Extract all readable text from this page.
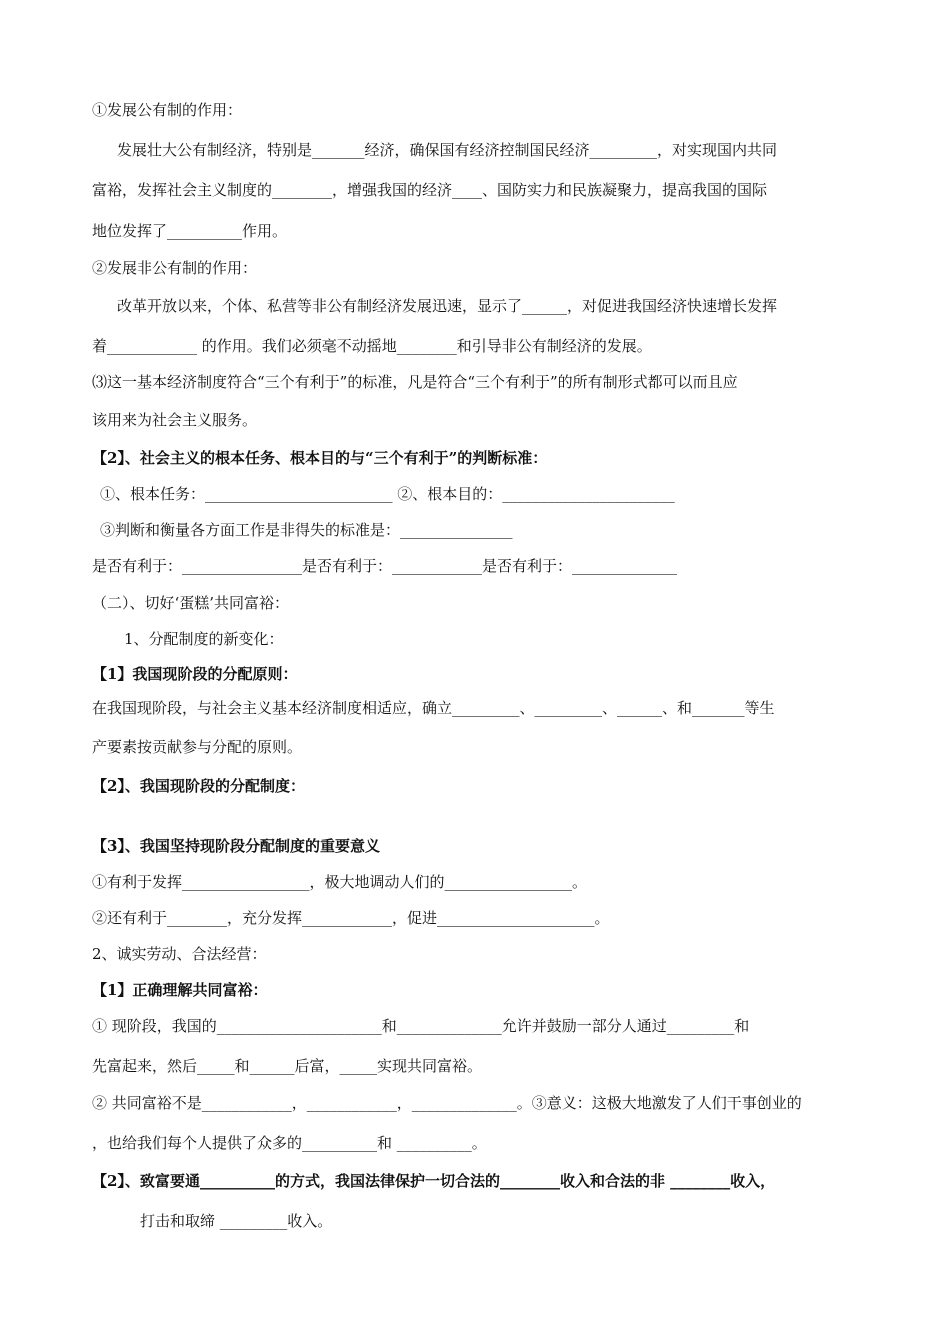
①发展公有制的作用：
发展壮大公有制经济，特别是_______经济，确保国有经济控制国民经济_________，对实现国内共同
富裕，发挥社会主义制度的________，增强我国的经济____、国防实力和民族凝聚力，提高我国的国际
地位发挥了__________作用。
②发展非公有制的作用：
改革开放以来，个体、私营等非公有制经济发展迅速，显示了______，对促进我国经济快速增长发挥
着____________ 的作用。我们必须毫不动摇地________和引导非公有制经济的发展。
⑶这一基本经济制度符合“三个有利于”的标准，凡是符合“三个有利于”的所有制形式都可以而且应
该用来为社会主义服务。
【2】、社会主义的根本任务、根本目的与“三个有利于”的判断标准：
①、根本任务：_________________________ ②、根本目的：_______________________
③判断和衡量各方面工作是非得失的标准是：_______________
是否有利于：________________是否有利于：____________是否有利于：______________
（二）、切好‘蛋糕’共同富裕：
1、分配制度的新变化：
【1】我国现阶段的分配原则：
在我国现阶段，与社会主义基本经济制度相适应，确立_________、_________、______、和_______等生
产要素按贡献参与分配的原则。
【2】、我国现阶段的分配制度：
【3】、我国坚持现阶段分配制度的重要意义
①有利于发挥_________________，极大地调动人们的_________________。
②还有利于________，充分发挥____________，促进_____________________。
2、诚实劳动、合法经营：
【1】正确理解共同富裕：
① 现阶段，我国的______________________和______________允许并鼓励一部分人通过_________和
先富起来，然后_____和______后富，_____实现共同富裕。
② 共同富裕不是____________，____________，______________。③意义：这极大地激发了人们干事创业的
，也给我们每个人提供了众多的__________和 __________。
【2】、致富要通__________的方式，我国法律保护一切合法的________收入和合法的非 ________收入，
打击和取缔 _________收入。
